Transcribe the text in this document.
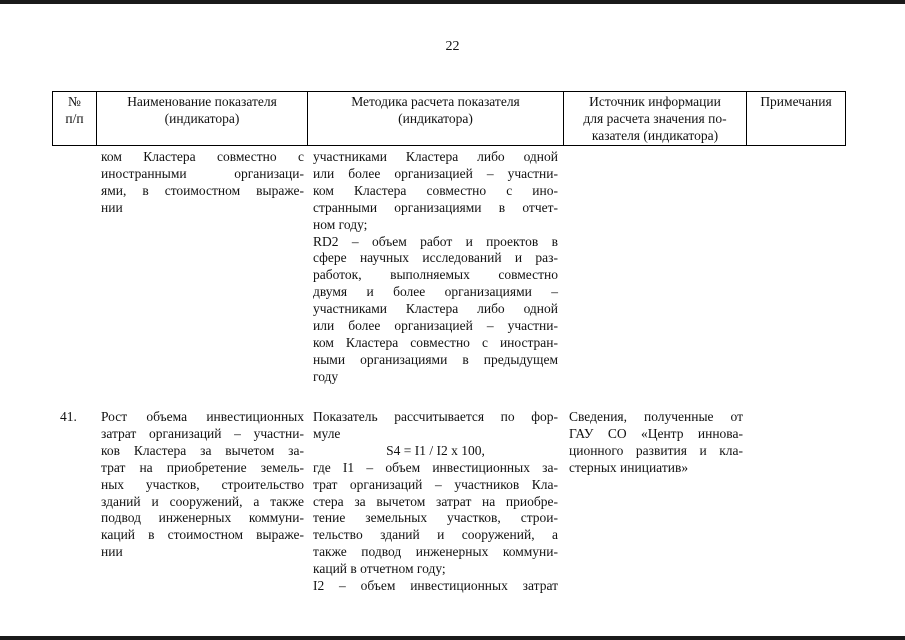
22
№
п/п
Наименование показателя
(индикатора)
Методика расчета показателя
(индикатора)
Источник информации
для расчета значения по-
казателя (индикатора)
Примечания
ком Кластера совместно с
иностранными организаци-
ями, в стоимостном выраже-
нии
участниками Кластера либо одной
или более организацией – участни-
ком Кластера совместно с ино-
странными организациями в отчет-
ном году;
RD2 – объем работ и проектов в
сфере научных исследований и раз-
работок, выполняемых совместно
двумя и более организациями –
участниками Кластера либо одной
или более организацией – участни-
ком Кластера совместно с иностран-
ными организациями в предыдущем
году
41.	Рост объема инвестиционных
затрат организаций – участни-
ков Кластера за вычетом за-
трат на приобретение земель-
ных участков, строительство
зданий и сооружений, а также
подвод инженерных коммуни-
каций в стоимостном выраже-
нии
Показатель рассчитывается по фор-
муле
S4 = I1 / I2 х 100,
где I1 – объем инвестиционных за-
трат организаций – участников Кла-
стера за вычетом затрат на приобре-
тение земельных участков, строи-
тельство зданий и сооружений, а
также подвод инженерных коммуни-
каций в отчетном году;
I2 – объем инвестиционных затрат
Сведения, полученные от
ГАУ СО «Центр иннова-
ционного развития и кла-
стерных инициатив»
